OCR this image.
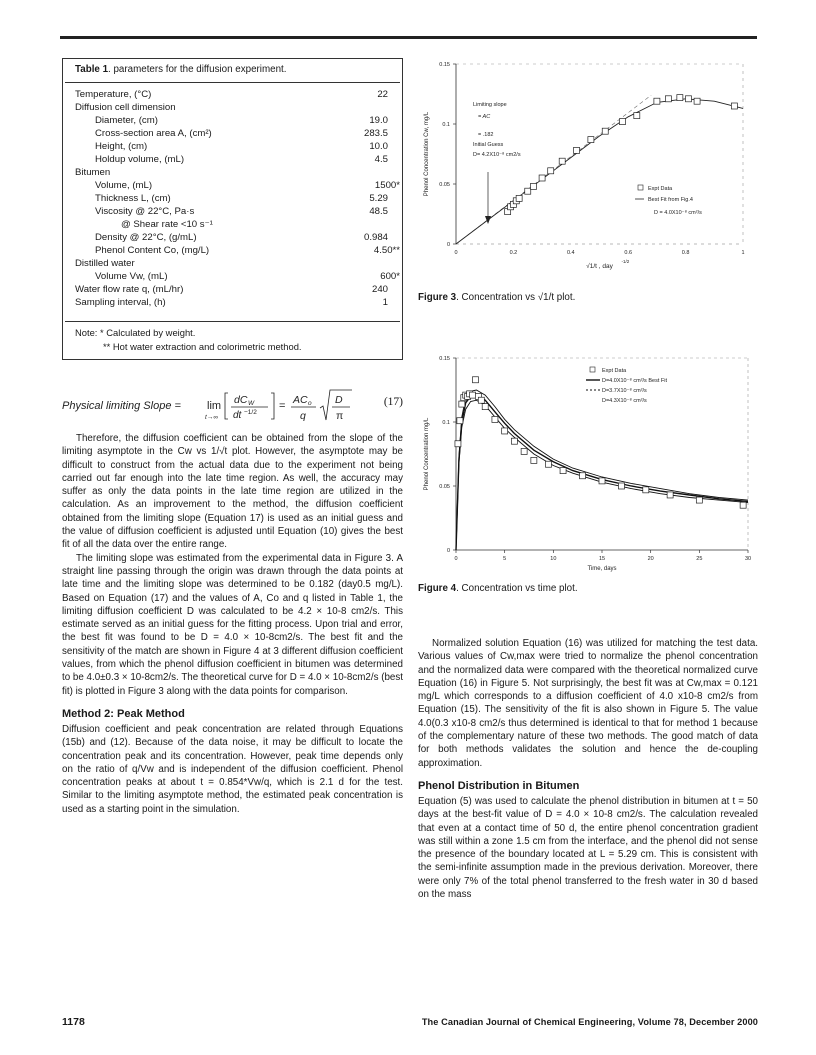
Table 1. parameters for the diffusion experiment.
Temperature, (°C)	22
Diffusion cell dimension
Diameter, (cm)	19.0
Cross-section area A, (cm²)	283.5
Height, (cm)	10.0
Holdup volume, (mL)	4.5
Bitumen
Volume, (mL)	1500*
Thickness L, (cm)	5.29
Viscosity @ 22°C, Pa·s	48.5
@ Shear rate <10 s⁻¹
Density @ 22°C, (g/mL)	0.984
Phenol Content Co, (mg/L)	4.50**
Distilled water
Volume Vw, (mL)	600*
Water flow rate q, (mL/hr)	240
Sampling interval, (h)	1
Note: * Calculated by weight.
** Hot water extraction and colorimetric method.
Physical limiting Slope = lim
t→∞
dC W
dt −1/2
= AC o
q
D
π
(17)

Therefore, the diffusion coefficient can be obtained from the slope of the limiting asymptote in the Cw vs 1/√t plot. However, the asymptote may be difficult to construct from the actual data due to the experiment not being carried out far enough into the late time region. As well, the accuracy may suffer as only the data points in the late time region are utilized in the calculation. As an improvement to the method, the diffusion coefficient obtained from the limiting slope (Equation 17) is used as an initial guess and the value of diffusion coefficient is adjusted until Equation (10) gives the best fit of all the data over the entire range.

The limiting slope was estimated from the experimental data in Figure 3. A straight line passing through the origin was drawn through the data points at late time and the limiting slope was determined to be 0.182 (day0.5 mg/L). Based on Equation (17) and the values of A, Co and q listed in Table 1, the limiting diffusion coefficient D was calculated to be 4.2 × 10-8 cm2/s. This estimate served as an initial guess for the fitting process. Upon trial and error, the best fit was found to be D = 4.0 × 10-8cm2/s. The best fit and the sensitivity of the match are shown in Figure 4 at 3 different diffusion coefficient values, from which the phenol diffusion coefficient in bitumen was determined to be 4.0±0.3 × 10-8cm2/s. The theoretical curve for D = 4.0 × 10-8cm2/s (best fit) is plotted in Figure 3 along with the data points for comparison.

Method 2: Peak Method

Diffusion coefficient and peak concentration are related through Equations (15b) and (12). Because of the data noise, it may be difficult to locate the concentration peak and its concentration. However, peak time depends only on the ratio of q/Vw and is independent of the diffusion coefficient. Phenol concentration peaks at about t = 0.854*Vw/q, which is 2.1 d for the test. Similar to the limiting asymptote method, the estimated peak concentration is used as a starting point in the simulation.

0
0.05
0.1
0.15
0	0.2	0.4	0.6	0.8	1
Phenol Concentration Cw, mg/L
√1/t , day
-1/2
Limiting slope
= AC
= .182
Initial Guess
D= 4.2X10⁻⁸ cm2/s
Expt Data
Best Fit from Fig.4
D = 4.0X10⁻⁸ cm²/s
Figure 3. Concentration vs √1/t plot.
0
0.05
0.1
0.15
0	5	10	15	20	25	30
Phenol Concentration mg/L
Time, days
Expt Data
D=4.0X10⁻⁸ cm²/s Best Fit
D=3.7X10⁻⁸ cm²/s
D=4.3X10⁻⁸ cm²/s
Figure 4. Concentration vs time plot.

Normalized solution Equation (16) was utilized for matching the test data. Various values of Cw,max were tried to normalize the phenol concentration and the normalized data were compared with the theoretical normalized curve Equation (16) in Figure 5. Not surprisingly, the best fit was at Cw,max = 0.121 mg/L which corresponds to a diffusion coefficient of 4.0 x10-8 cm2/s from Equation (15). The sensitivity of the fit is also shown in Figure 5. The value 4.0(0.3 x10-8 cm2/s thus determined is identical to that for method 1 because of the complementary nature of these two methods. The good match of data for both methods validates the solution and hence the de-coupling approximation.

Phenol Distribution in Bitumen

Equation (5) was used to calculate the phenol distribution in bitumen at t = 50 days at the best-fit value of D = 4.0 × 10-8 cm2/s. The calculation revealed that even at a contact time of 50 d, the entire phenol concentration gradient was still within a zone 1.5 cm from the interface, and the phenol did not sense the presence of the boundary located at L = 5.29 cm. This is consistent with the semi-infinite assumption made in the previous derivation. Moreover, there were only 7% of the total phenol transferred to the fresh water in 30 d based on the mass

1178	The Canadian Journal of Chemical Engineering, Volume 78, December 2000
